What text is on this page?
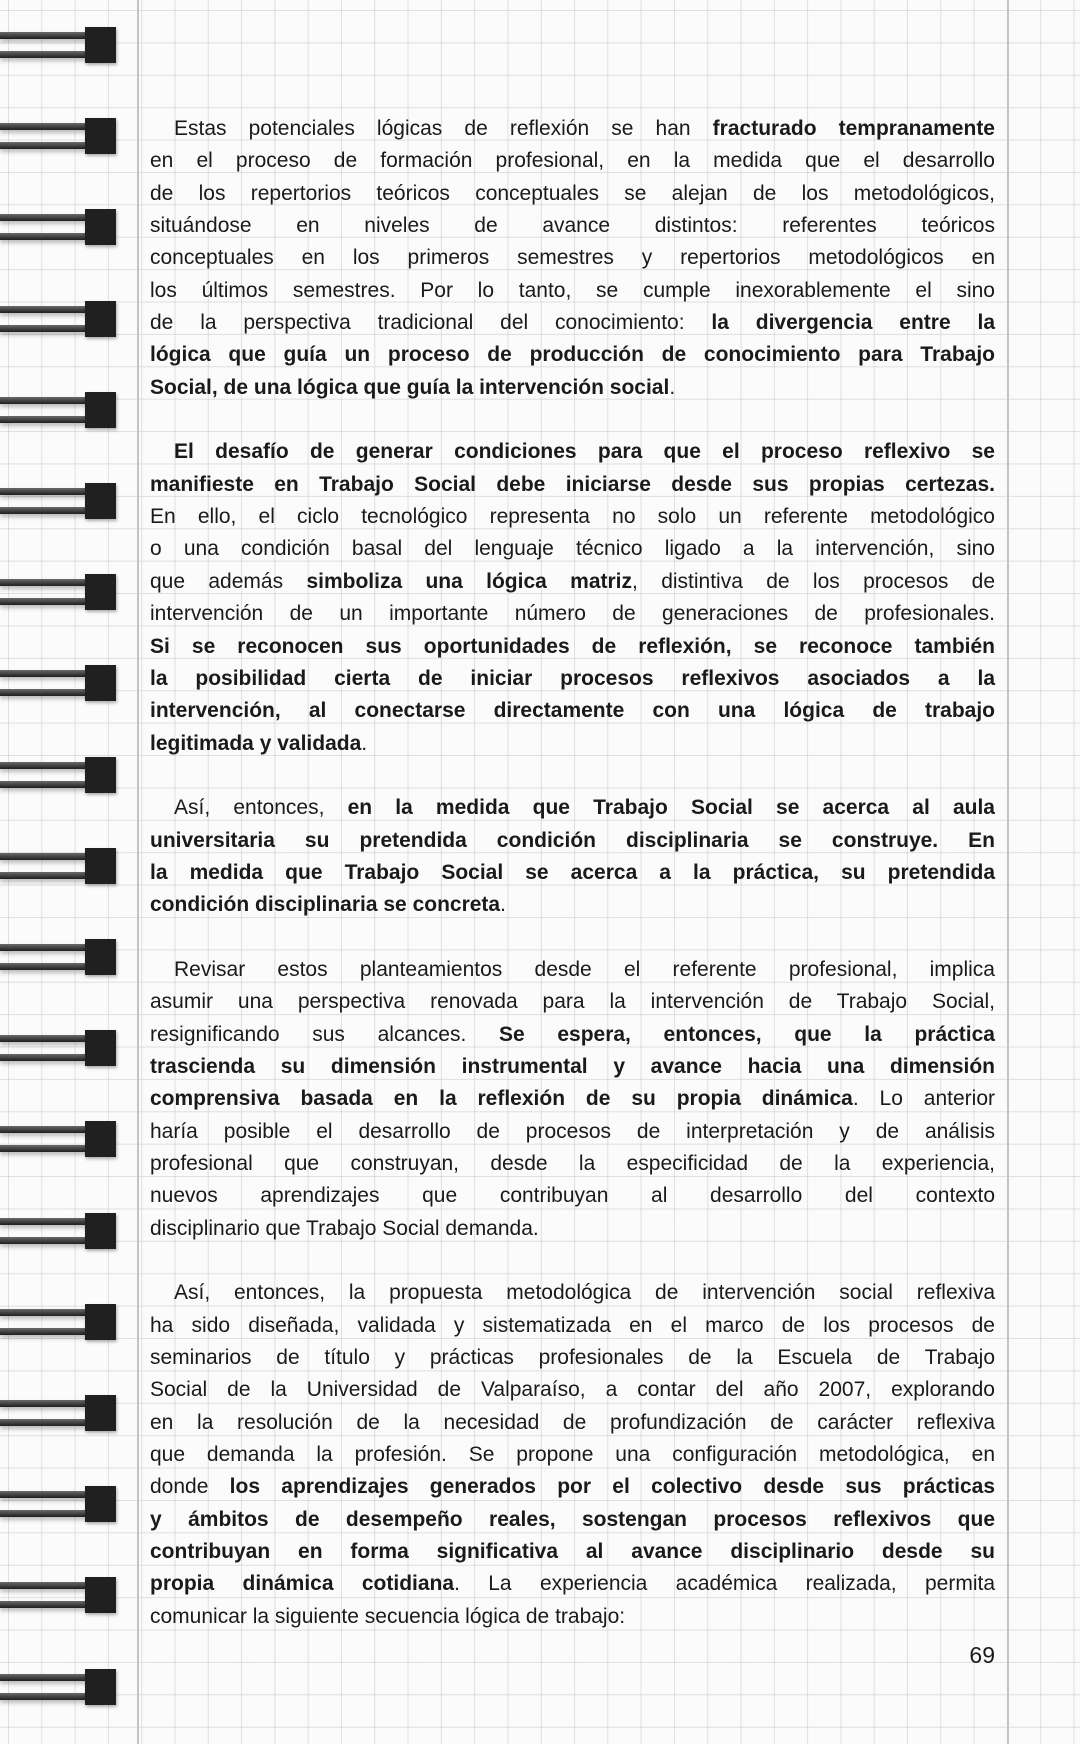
Estas potenciales lógicas de reflexión se han fracturado tempranamente
en el proceso de formación profesional, en la medida que el desarrollo
de los repertorios teóricos conceptuales se alejan de los metodológicos,
situándose en niveles de avance distintos: referentes teóricos
conceptuales en los primeros semestres y repertorios metodológicos en
los últimos semestres. Por lo tanto, se cumple inexorablemente el sino
de la perspectiva tradicional del conocimiento: la divergencia entre la
lógica que guía un proceso de producción de conocimiento para Trabajo
Social, de una lógica que guía la intervención social.
El desafío de generar condiciones para que el proceso reflexivo se
manifieste en Trabajo Social debe iniciarse desde sus propias certezas.
En ello, el ciclo tecnológico representa no solo un referente metodológico
o una condición basal del lenguaje técnico ligado a la intervención, sino
que además simboliza una lógica matriz, distintiva de los procesos de
intervención de un importante número de generaciones de profesionales.
Si se reconocen sus oportunidades de reflexión, se reconoce también
la posibilidad cierta de iniciar procesos reflexivos asociados a la
intervención, al conectarse directamente con una lógica de trabajo
legitimada y validada.
Así, entonces, en la medida que Trabajo Social se acerca al aula
universitaria su pretendida condición disciplinaria se construye. En
la medida que Trabajo Social se acerca a la práctica, su pretendida
condición disciplinaria se concreta.
Revisar estos planteamientos desde el referente profesional, implica
asumir una perspectiva renovada para la intervención de Trabajo Social,
resignificando sus alcances. Se espera, entonces, que la práctica
trascienda su dimensión instrumental y avance hacia una dimensión
comprensiva basada en la reflexión de su propia dinámica. Lo anterior
haría posible el desarrollo de procesos de interpretación y de análisis
profesional que construyan, desde la especificidad de la experiencia,
nuevos aprendizajes que contribuyan al desarrollo del contexto
disciplinario que Trabajo Social demanda.
Así, entonces, la propuesta metodológica de intervención social reflexiva
ha sido diseñada, validada y sistematizada en el marco de los procesos de
seminarios de título y prácticas profesionales de la Escuela de Trabajo
Social de la Universidad de Valparaíso, a contar del año 2007, explorando
en la resolución de la necesidad de profundización de carácter reflexiva
que demanda la profesión. Se propone una configuración metodológica, en
donde los aprendizajes generados por el colectivo desde sus prácticas
y ámbitos de desempeño reales, sostengan procesos reflexivos que
contribuyan en forma significativa al avance disciplinario desde su
propia dinámica cotidiana. La experiencia académica realizada, permita
comunicar la siguiente secuencia lógica de trabajo:
69
